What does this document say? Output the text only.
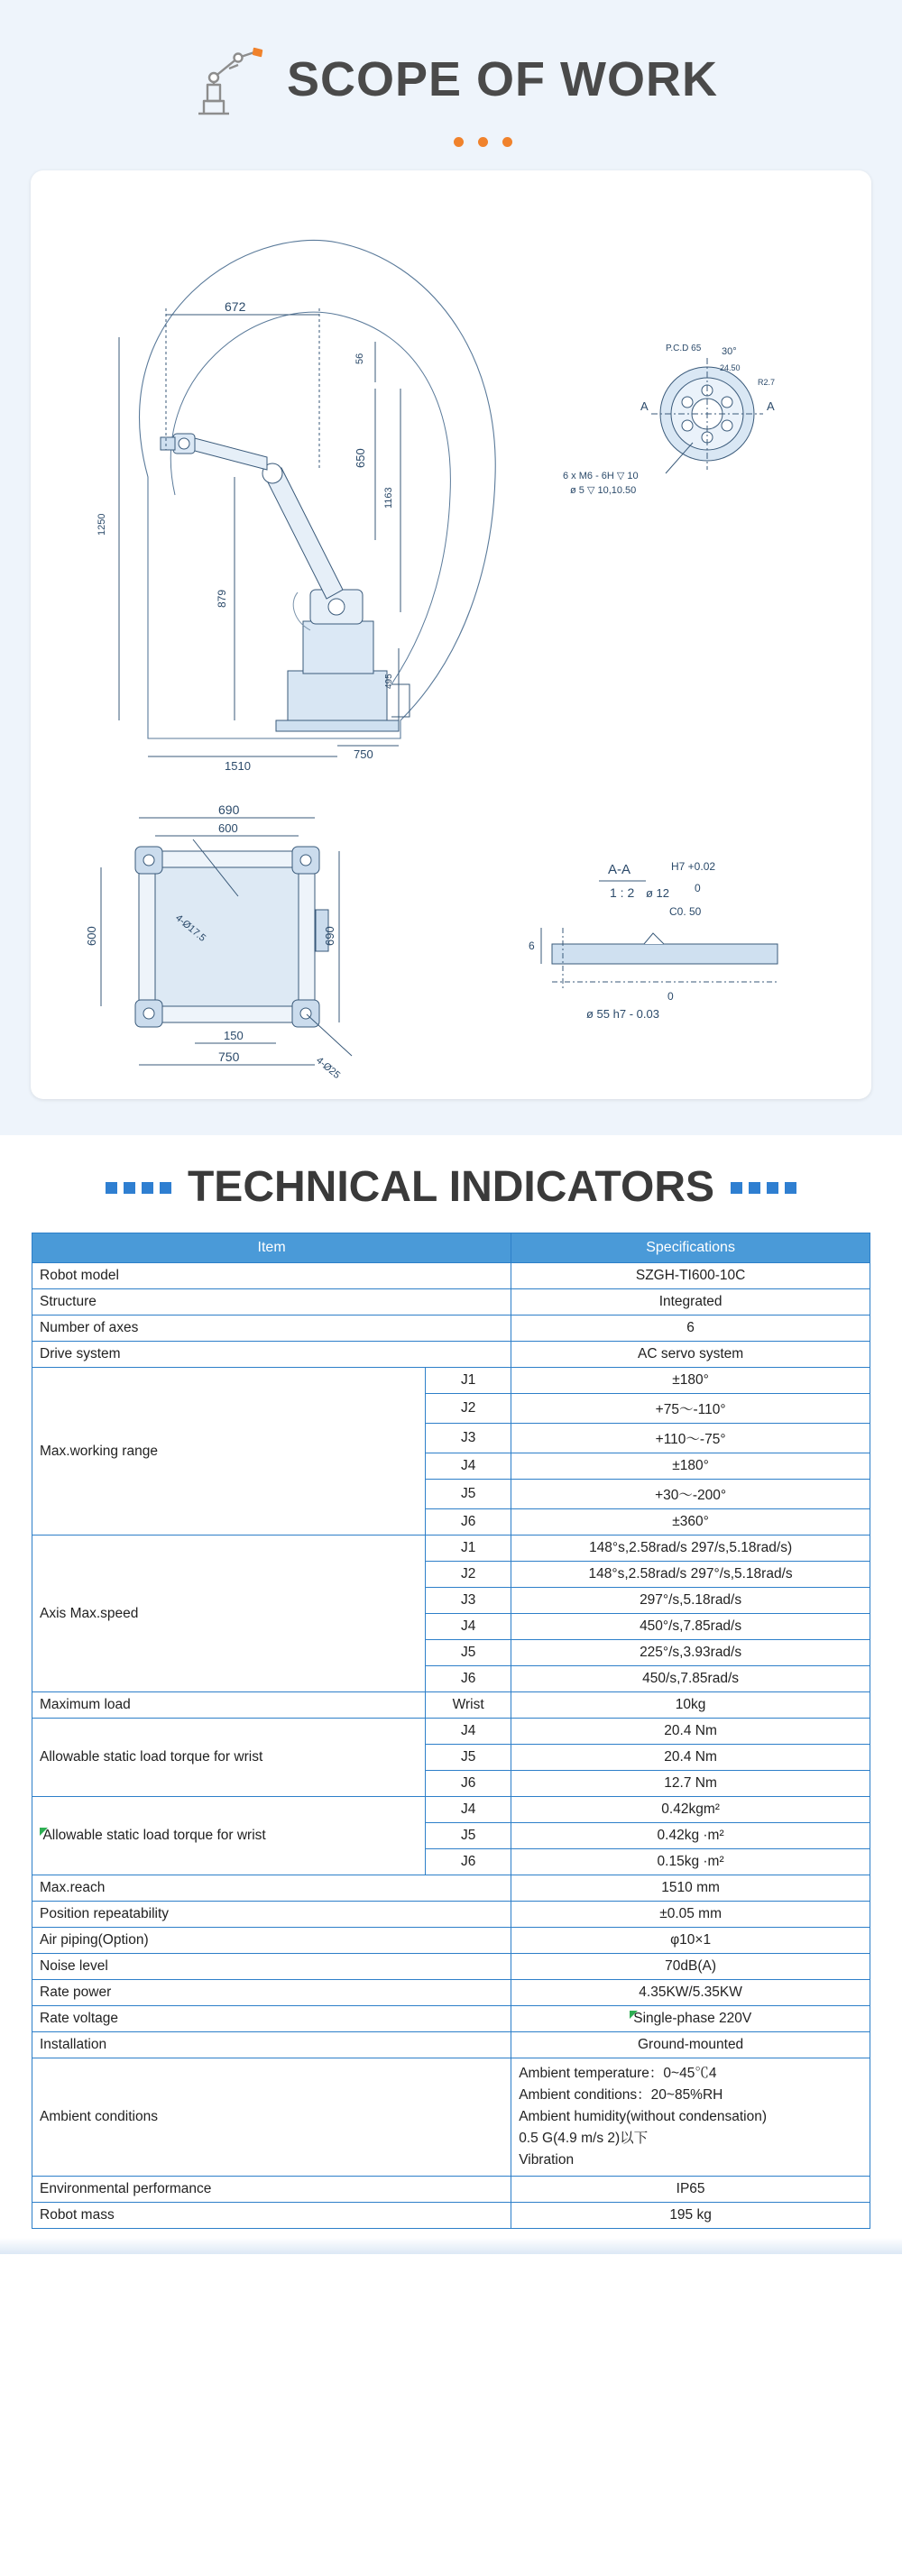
SCOPE OF WORK
672
1250
56
650
1163
879
495
1510
750
A	A
P.C.D 65 30°
24.50
R2.7
6 x M6 - 6H ▽ 10
ø 5 ▽ 10,10.50
690
600
600	690
150
750
4-Ø17.5
4-Ø25
A-A
1 : 2
6
H7 +0.02
ø 12 0
C0. 50
0
ø 55 h7 - 0.03
TECHNICAL INDICATORS
Item		Specifications
Robot model		SZGH-TI600-10C
Structure		Integrated
Number of axes		6
Drive system		AC servo system
Max.working range	J1	±180°
	J2	+75〜-110°
	J3	+110〜-75°
	J4	±180°
	J5	+30〜-200°
	J6	±360°
Axis Max.speed	J1	148°s,2.58rad/s 297/s,5.18rad/s)
	J2	148°s,2.58rad/s 297°/s,5.18rad/s
	J3	297°/s,5.18rad/s
	J4	450°/s,7.85rad/s
	J5	225°/s,3.93rad/s
	J6	450/s,7.85rad/s
Maximum load	Wrist	10kg
Allowable static load torque for wrist	J4	20.4 Nm
	J5	20.4 Nm
	J6	12.7 Nm
Allowable static load torque for wrist	J4	0.42kgm²
	J5	0.42kg ·m²
	J6	0.15kg ·m²
Max.reach		1510 mm
Position repeatability		±0.05 mm
Air piping(Option)		φ10×1
Noise level		70dB(A)
Rate power		4.35KW/5.35KW
Rate voltage		Single-phase 220V
Installation		Ground-mounted
Ambient conditions		Ambient temperature：0~45℃4
Ambient conditions：20~85%RH
Ambient humidity(without condensation)
0.5 G(4.9 m/s 2)以下
Vibration

Environmental performance		IP65
Robot mass		195 kg
